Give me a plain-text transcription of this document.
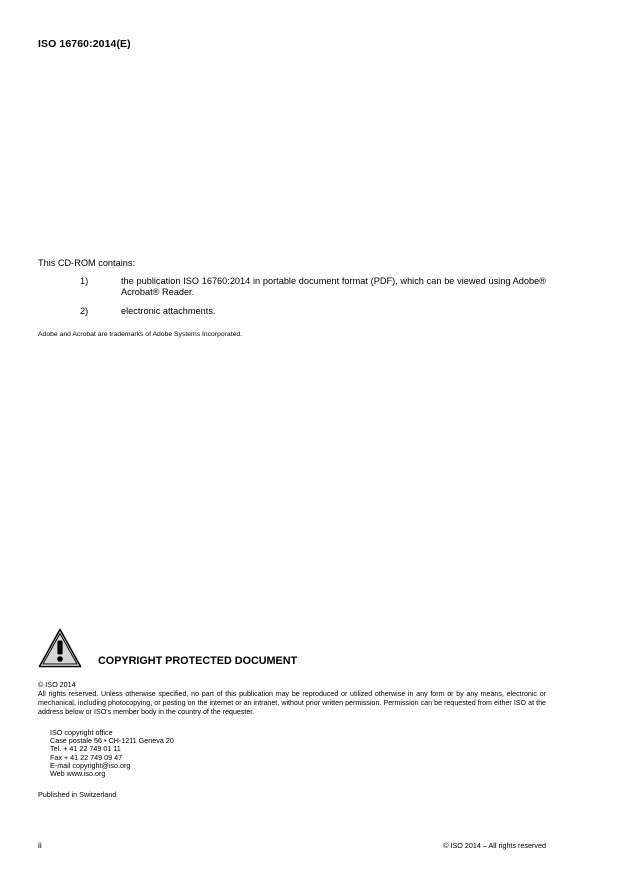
ISO 16760:2014(E)
This CD-ROM contains:
1)	the publication ISO 16760:2014 in portable document format (PDF), which can be viewed using Adobe® Acrobat® Reader.
2)	electronic attachments.
Adobe and Acrobat are trademarks of Adobe Systems Incorporated.
COPYRIGHT PROTECTED DOCUMENT
© ISO 2014
All rights reserved. Unless otherwise specified, no part of this publication may be reproduced or utilized otherwise in any form or by any means, electronic or mechanical, including photocopying, or posting on the internet or an intranet, without prior written permission. Permission can be requested from either ISO at the address below or ISO's member body in the country of the requester.
ISO copyright office
Case postale 56 • CH-1211 Geneva 20
Tel. + 41 22 749 01 11
Fax + 41 22 749 09 47
E-mail copyright@iso.org
Web www.iso.org
Published in Switzerland
ii	© ISO 2014 – All rights reserved
